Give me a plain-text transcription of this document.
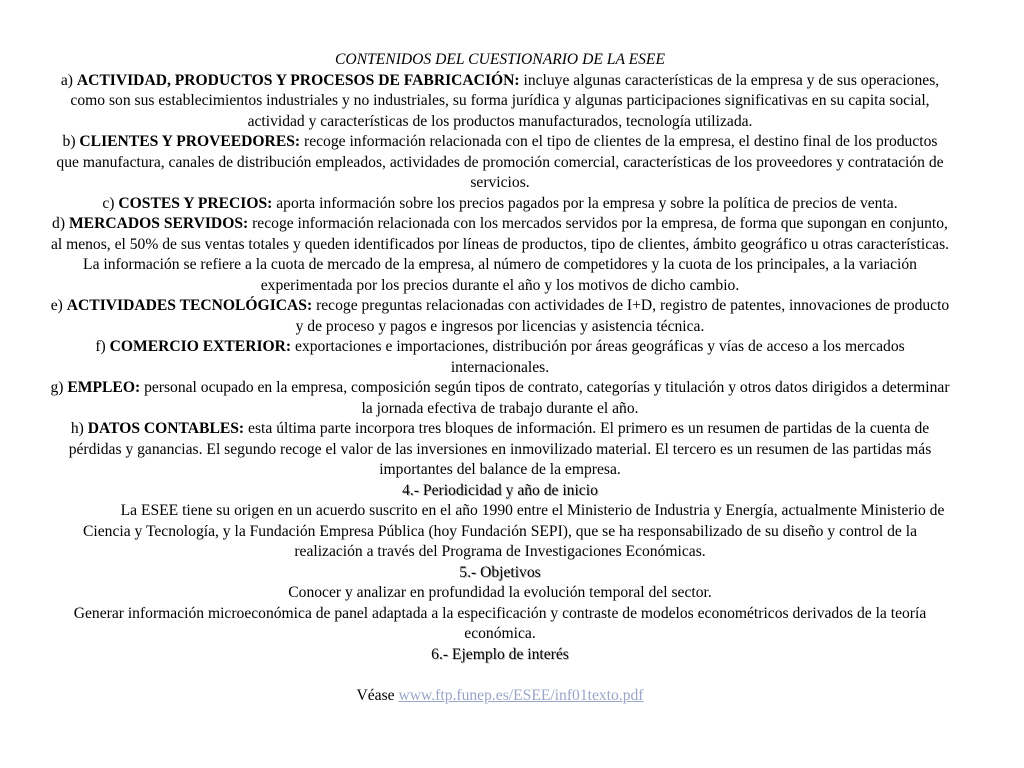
CONTENIDOS DEL CUESTIONARIO DE LA ESEE
a) ACTIVIDAD, PRODUCTOS Y PROCESOS DE FABRICACIÓN: incluye algunas características de la empresa y de sus operaciones, como son sus establecimientos industriales y no industriales, su forma jurídica y algunas participaciones significativas en su capita social, actividad y características de los productos manufacturados, tecnología utilizada.
b) CLIENTES Y PROVEEDORES: recoge información relacionada con el tipo de clientes de la empresa, el destino final de los productos que manufactura, canales de distribución empleados, actividades de promoción comercial, características de los proveedores y contratación de servicios.
c) COSTES Y PRECIOS: aporta información sobre los precios pagados por la empresa y sobre la política de precios de venta.
d) MERCADOS SERVIDOS: recoge información relacionada con los mercados servidos por la empresa, de forma que supongan en conjunto, al menos, el 50% de sus ventas totales y queden identificados por líneas de productos, tipo de clientes, ámbito geográfico u otras características. La información se refiere a la cuota de mercado de la empresa, al número de competidores y la cuota de los principales, a la variación experimentada por los precios durante el año y los motivos de dicho cambio.
e) ACTIVIDADES TECNOLÓGICAS: recoge preguntas relacionadas con actividades de I+D, registro de patentes, innovaciones de producto y de proceso y pagos e ingresos por licencias y asistencia técnica.
f) COMERCIO EXTERIOR: exportaciones e importaciones, distribución por áreas geográficas y vías de acceso a los mercados internacionales.
g) EMPLEO: personal ocupado en la empresa, composición según tipos de contrato, categorías y titulación y otros datos dirigidos a determinar la jornada efectiva de trabajo durante el año.
h) DATOS CONTABLES: esta última parte incorpora tres bloques de información. El primero es un resumen de partidas de la cuenta de pérdidas y ganancias. El segundo recoge el valor de las inversiones en inmovilizado material. El tercero es un resumen de las partidas más importantes del balance de la empresa.
4.- Periodicidad y año de inicio
La ESEE tiene su origen en un acuerdo suscrito en el año 1990 entre el Ministerio de Industria y Energía, actualmente Ministerio de Ciencia y Tecnología, y la Fundación Empresa Pública (hoy Fundación SEPI), que se ha responsabilizado de su diseño y control de la realización a través del Programa de Investigaciones Económicas.
5.- Objetivos
Conocer y analizar en profundidad la evolución temporal del sector.
Generar información microeconómica de panel adaptada a la especificación y contraste de modelos econométricos derivados de la teoría económica.
6.- Ejemplo de interés
Véase www.ftp.funep.es/ESEE/inf01texto.pdf
